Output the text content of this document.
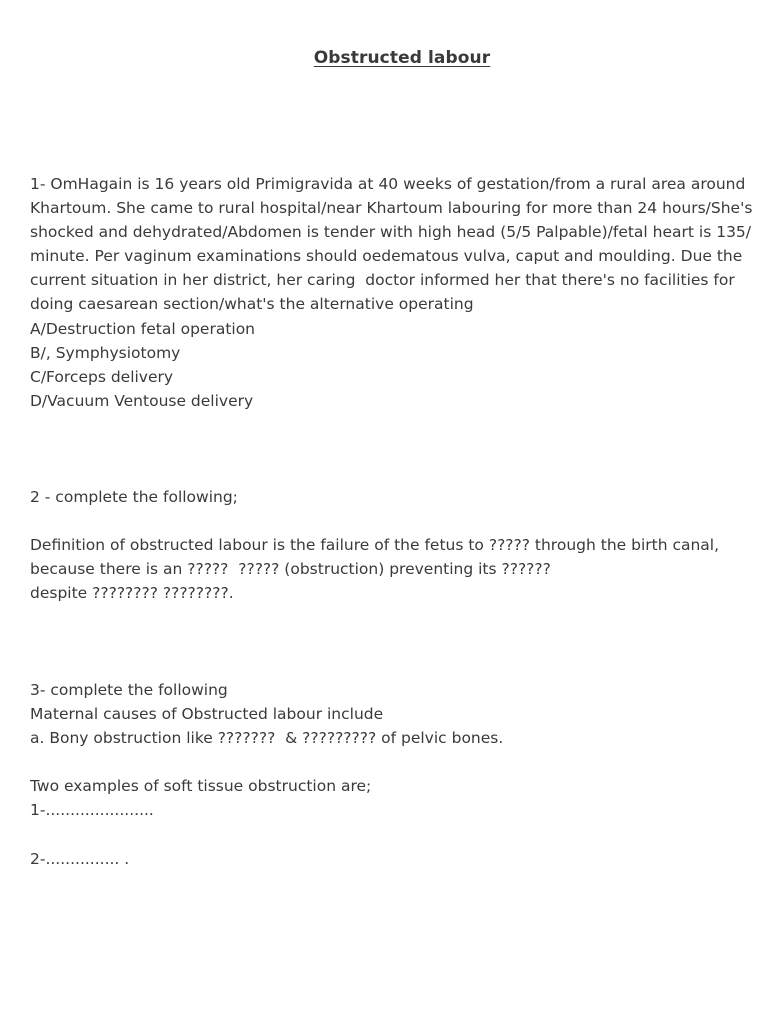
Obstructed labour
1- OmHagain is 16 years old Primigravida at 40 weeks of gestation/from a rural area around
Khartoum. She came to rural hospital/near Khartoum labouring for more than 24 hours/She's
shocked and dehydrated/Abdomen is tender with high head (5/5 Palpable)/fetal heart is 135/
minute. Per vaginum examinations should oedematous vulva, caput and moulding. Due the
current situation in her district, her caring  doctor informed her that there's no facilities for
doing caesarean section/what's the alternative operating
A/Destruction fetal operation
B/, Symphysiotomy
C/Forceps delivery
D/Vacuum Ventouse delivery
2 - complete the following;
Definition of obstructed labour is the failure of the fetus to ????? through the birth canal,
because there is an ?????  ????? (obstruction) preventing its ??????
despite ???????? ????????.
3- complete the following
Maternal causes of Obstructed labour include
a. Bony obstruction like ???????  & ????????? of pelvic bones.
Two examples of soft tissue obstruction are;
1-......................
2-............... .
